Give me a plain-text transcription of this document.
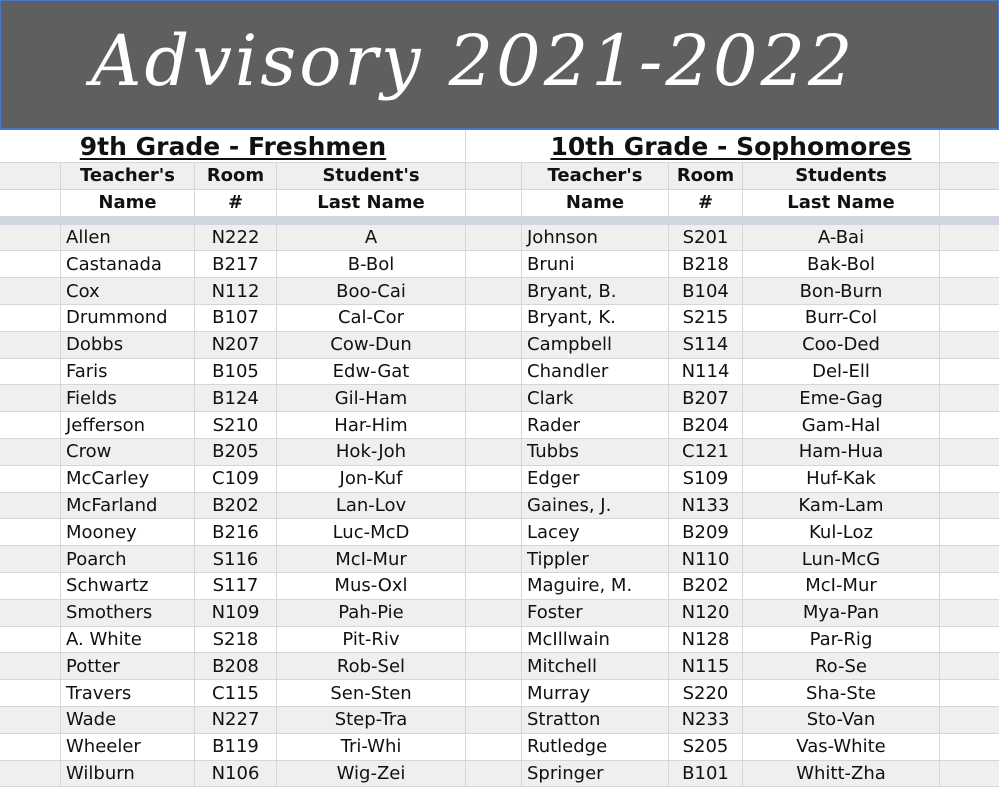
Advisory 2021-2022
9th Grade - Freshmen	10th Grade - Sophomores
Teacher's	Room	Student's	Teacher's	Room	Students
Name	#	Last Name	Name	#	Last Name
Allen	N222	A	Johnson	S201	A-Bai
Castanada	B217	B-Bol	Bruni	B218	Bak-Bol
Cox	N112	Boo-Cai	Bryant, B.	B104	Bon-Burn
Drummond	B107	Cal-Cor	Bryant, K.	S215	Burr-Col
Dobbs	N207	Cow-Dun	Campbell	S114	Coo-Ded
Faris	B105	Edw-Gat	Chandler	N114	Del-Ell
Fields	B124	Gil-Ham	Clark	B207	Eme-Gag
Jefferson	S210	Har-Him	Rader	B204	Gam-Hal
Crow	B205	Hok-Joh	Tubbs	C121	Ham-Hua
McCarley	C109	Jon-Kuf	Edger	S109	Huf-Kak
McFarland	B202	Lan-Lov	Gaines, J.	N133	Kam-Lam
Mooney	B216	Luc-McD	Lacey	B209	Kul-Loz
Poarch	S116	McI-Mur	Tippler	N110	Lun-McG
Schwartz	S117	Mus-Oxl	Maguire, M.	B202	McI-Mur
Smothers	N109	Pah-Pie	Foster	N120	Mya-Pan
A. White	S218	Pit-Riv	McIllwain	N128	Par-Rig
Potter	B208	Rob-Sel	Mitchell	N115	Ro-Se
Travers	C115	Sen-Sten	Murray	S220	Sha-Ste
Wade	N227	Step-Tra	Stratton	N233	Sto-Van
Wheeler	B119	Tri-Whi	Rutledge	S205	Vas-White
Wilburn	N106	Wig-Zei	Springer	B101	Whitt-Zha
